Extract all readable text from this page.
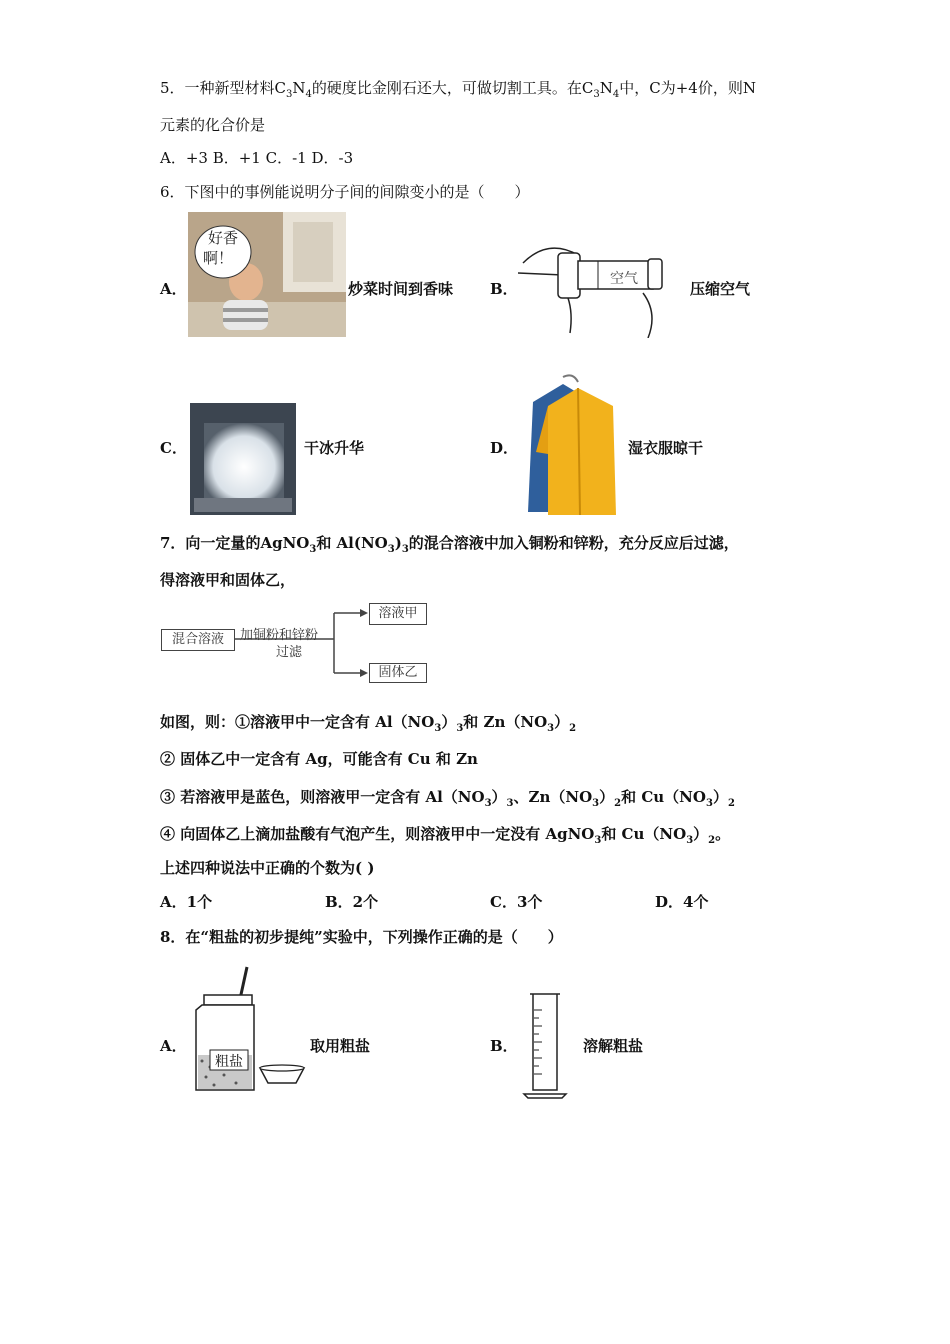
5．一种新型材料$C_3N_4$的硬度比金刚石还大，可做切割工具。在$C_3N_4$中，C为+4价，则N
元素的化合价是
A．+3 B．+1 C．-1 D．-3
6．下图中的事例能说明分子间的间隙变小的是（　　）
A．
好香
啊！
炒菜时间到香味 B．
空气
压缩空气
C．	干冰升华	D．	湿衣服晾干
7．向一定量的AgNO$_3$和 $Al(NO_3)_3$的混合溶液中加入铜粉和锌粉，充分反应后过滤，
得溶液甲和固体乙，
混合溶液	加铜粉和锌粉
过滤
溶液甲
固体乙
如图，则：①溶液甲中一定含有 $Al(NO_3)_3$和 $Zn(NO_3)_2$
② 固体乙中一定含有 Ag，可能含有 Cu 和 Zn
③ 若溶液甲是蓝色，则溶液甲一定含有 $Al(NO_3)_3$、$Zn(NO_3)_2$和 $Cu(NO_3)_2$
④ 向固体乙上滴加盐酸有气泡产生，则溶液甲中一定没有 AgNO$_3$和 $Cu(NO_3)_2$。
上述四种说法中正确的个数为( )
A．1个	B．2个	C．3个	D．4个
8．在“粗盐的初步提纯”实验中，下列操作正确的是（　　）
A．
粗盐
取用粗盐	B．	溶解粗盐
